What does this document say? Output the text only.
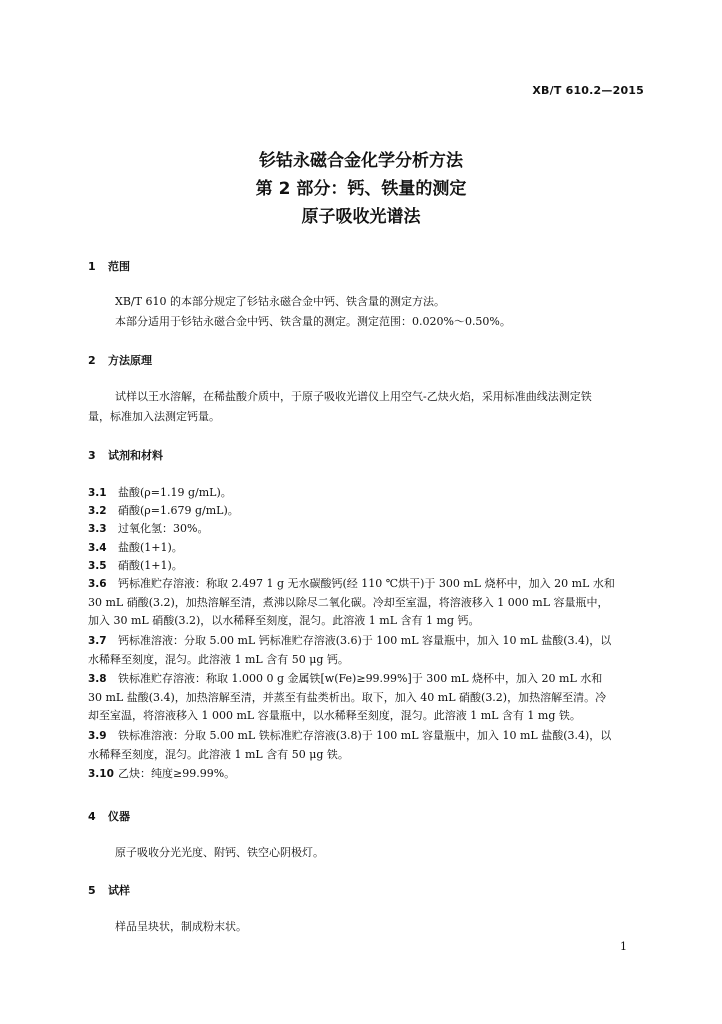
XB/T 610.2—2015
钐钴永磁合金化学分析方法
第 2 部分：钙、铁量的测定
原子吸收光谱法
1 范围
XB/T 610 的本部分规定了钐钴永磁合金中钙、铁含量的测定方法。
本部分适用于钐钴永磁合金中钙、铁含量的测定。测定范围：0.020%～0.50%。
2 方法原理
试样以王水溶解，在稀盐酸介质中，于原子吸收光谱仪上用空气-乙炔火焰，采用标准曲线法测定铁
量，标准加入法测定钙量。
3 试剂和材料
3.1 盐酸(ρ=1.19 g/mL)。
3.2 硝酸(ρ=1.679 g/mL)。
3.3 过氧化氢：30%。
3.4 盐酸(1+1)。
3.5 硝酸(1+1)。
3.6 钙标准贮存溶液：称取 2.497 1 g 无水碳酸钙(经 110 ℃烘干)于 300 mL 烧杯中，加入 20 mL 水和
30 mL 硝酸(3.2)，加热溶解至清，煮沸以除尽二氧化碳。冷却至室温，将溶液移入 1 000 mL 容量瓶中，
加入 30 mL 硝酸(3.2)，以水稀释至刻度，混匀。此溶液 1 mL 含有 1 mg 钙。
3.7 钙标准溶液：分取 5.00 mL 钙标准贮存溶液(3.6)于 100 mL 容量瓶中，加入 10 mL 盐酸(3.4)，以
水稀释至刻度，混匀。此溶液 1 mL 含有 50 μg 钙。
3.8 铁标准贮存溶液：称取 1.000 0 g 金属铁[w(Fe)≥99.99%]于 300 mL 烧杯中，加入 20 mL 水和
30 mL 盐酸(3.4)，加热溶解至清，并蒸至有盐类析出。取下，加入 40 mL 硝酸(3.2)，加热溶解至清。冷
却至室温，将溶液移入 1 000 mL 容量瓶中，以水稀释至刻度，混匀。此溶液 1 mL 含有 1 mg 铁。
3.9 铁标准溶液：分取 5.00 mL 铁标准贮存溶液(3.8)于 100 mL 容量瓶中，加入 10 mL 盐酸(3.4)，以
水稀释至刻度，混匀。此溶液 1 mL 含有 50 μg 铁。
3.10 乙炔：纯度≥99.99%。
4 仪器
原子吸收分光光度、附钙、铁空心阴极灯。
5 试样
样品呈块状，制成粉末状。
1
